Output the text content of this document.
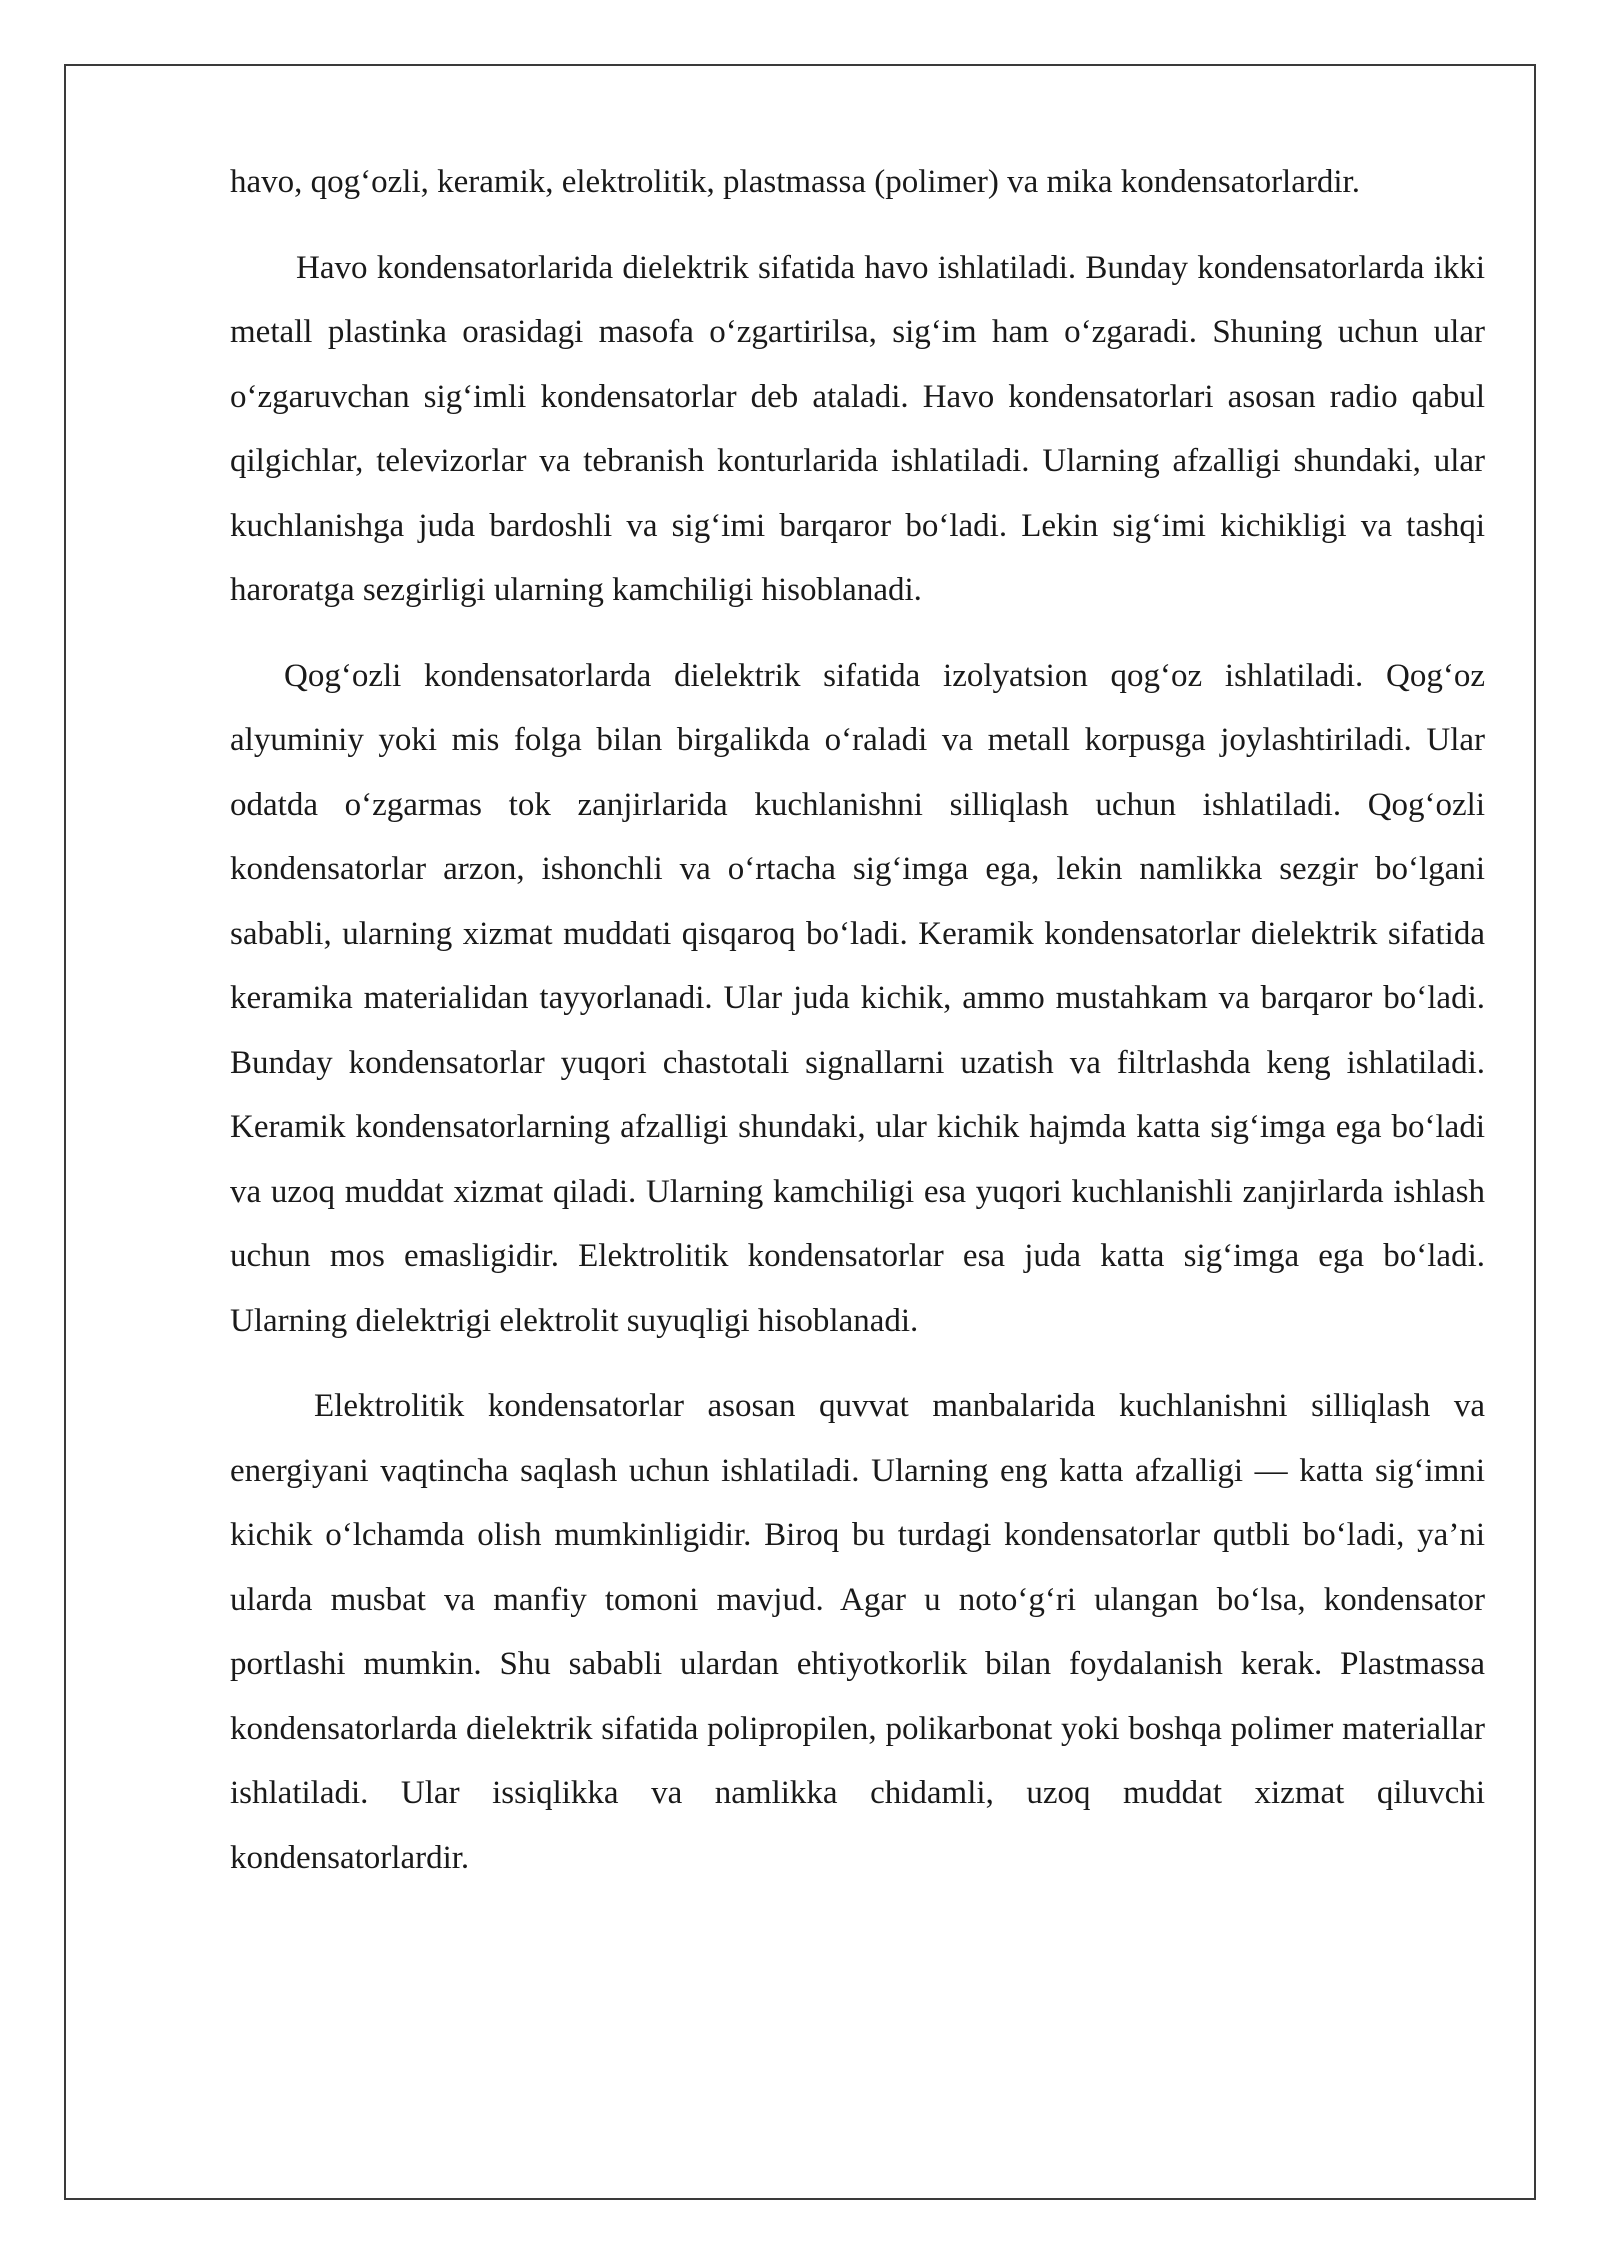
havo, qog‘ozli, keramik, elektrolitik, plastmassa (polimer) va mika kondensatorlardir.

Havo kondensatorlarida dielektrik sifatida havo ishlatiladi. Bunday kondensatorlarda ikki metall plastinka orasidagi masofa o‘zgartirilsa, sig‘im ham o‘zgaradi. Shuning uchun ular o‘zgaruvchan sig‘imli kondensatorlar deb ataladi. Havo kondensatorlari asosan radio qabul qilgichlar, televizorlar va tebranish konturlarida ishlatiladi. Ularning afzalligi shundaki, ular kuchlanishga juda bardoshli va sig‘imi barqaror bo‘ladi. Lekin sig‘imi kichikligi va tashqi haroratga sezgirligi ularning kamchiligi hisoblanadi.

Qog‘ozli kondensatorlarda dielektrik sifatida izolyatsion qog‘oz ishlatiladi. Qog‘oz alyuminiy yoki mis folga bilan birgalikda o‘raladi va metall korpusga joylashtiriladi. Ular odatda o‘zgarmas tok zanjirlarida kuchlanishni silliqlash uchun ishlatiladi. Qog‘ozli kondensatorlar arzon, ishonchli va o‘rtacha sig‘imga ega, lekin namlikka sezgir bo‘lgani sababli, ularning xizmat muddati qisqaroq bo‘ladi. Keramik kondensatorlar dielektrik sifatida keramika materialidan tayyorlanadi. Ular juda kichik, ammo mustahkam va barqaror bo‘ladi. Bunday kondensatorlar yuqori chastotali signallarni uzatish va filtrlashda keng ishlatiladi. Keramik kondensatorlarning afzalligi shundaki, ular kichik hajmda katta sig‘imga ega bo‘ladi va uzoq muddat xizmat qiladi. Ularning kamchiligi esa yuqori kuchlanishli zanjirlarda ishlash uchun mos emasligidir. Elektrolitik kondensatorlar esa juda katta sig‘imga ega bo‘ladi. Ularning dielektrigi elektrolit suyuqligi hisoblanadi.

Elektrolitik kondensatorlar asosan quvvat manbalarida kuchlanishni silliqlash va energiyani vaqtincha saqlash uchun ishlatiladi. Ularning eng katta afzalligi — katta sig‘imni kichik o‘lchamda olish mumkinligidir. Biroq bu turdagi kondensatorlar qutbli bo‘ladi, ya’ni ularda musbat va manfiy tomoni mavjud. Agar u noto‘g‘ri ulangan bo‘lsa, kondensator portlashi mumkin. Shu sababli ulardan ehtiyotkorlik bilan foydalanish kerak. Plastmassa kondensatorlarda dielektrik sifatida polipropilen, polikarbonat yoki boshqa polimer materiallar ishlatiladi. Ular issiqlikka va namlikka chidamli, uzoq muddat xizmat qiluvchi kondensatorlardir.
